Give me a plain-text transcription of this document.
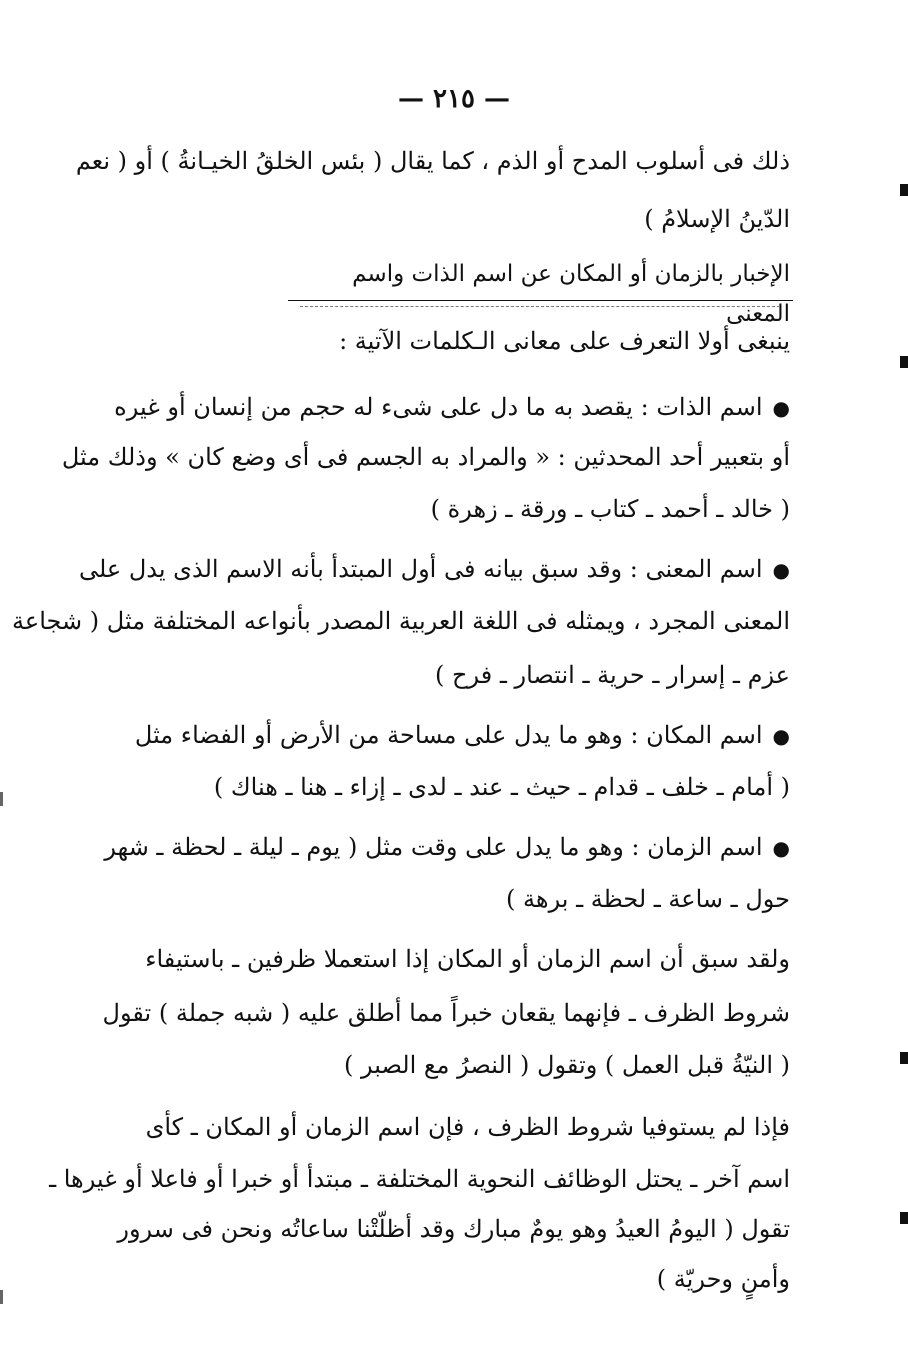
— ٢١٥ —
ذلك فى أسلوب المدح أو الذم ، كما يقال ( بئس الخلقُ الخيـانةُ ) أو ( نعم
الدّينُ الإسلامُ )
الإخبار بالزمان أو المكان عن اسم الذات واسم المعنى
ينبغى أولا التعرف على معانى الـكلمات الآتية :
●اسم الذات : يقصد به ما دل على شىء له حجم من إنسان أو غيره
أو بتعبير أحد المحدثين : « والمراد به الجسم فى أى وضع كان » وذلك مثل
( خالد ـ أحمد ـ كتاب ـ ورقة ـ زهرة )
●اسم المعنى : وقد سبق بيانه فى أول المبتدأ بأنه الاسم الذى يدل على
المعنى المجرد ، ويمثله فى اللغة العربية المصدر بأنواعه المختلفة مثل ( شجاعة
عزم ـ إسرار ـ حرية ـ انتصار ـ فرح )
●اسم المكان : وهو ما يدل على مساحة من الأرض أو الفضاء مثل
( أمام ـ خلف ـ قدام ـ حيث ـ عند ـ لدى ـ إزاء ـ هنا ـ هناك )
●اسم الزمان : وهو ما يدل على وقت مثل ( يوم ـ ليلة ـ لحظة ـ شهر
حول ـ ساعة ـ لحظة ـ برهة )
ولقد سبق أن اسم الزمان أو المكان إذا استعملا ظرفين ـ باستيفاء
شروط الظرف ـ فإنهما يقعان خبراً مما أطلق عليه ( شبه جملة ) تقول
( النيّةُ قبل العمل ) وتقول ( النصرُ مع الصبر )
فإذا لم يستوفيا شروط الظرف ، فإن اسم الزمان أو المكان ـ كأى
اسم آخر ـ يحتل الوظائف النحوية المختلفة ـ مبتدأ أو خبرا أو فاعلا أو غيرها ـ
تقول ( اليومُ العيدُ وهو يومٌ مبارك وقد أظلّتْنا ساعاتُه ونحن فى سرور
وأمنٍ وحريّة )
